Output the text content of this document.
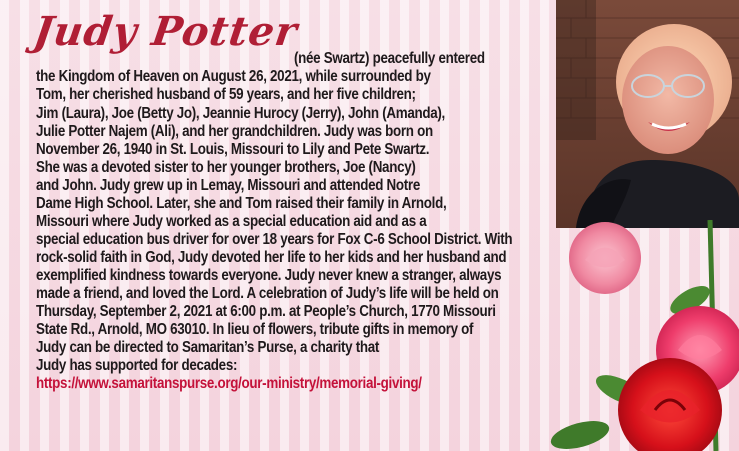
Judy Potter
(née Swartz) peacefully entered
the Kingdom of Heaven on August 26, 2021, while surrounded by
Tom, her cherished husband of 59 years, and her five children;
Jim (Laura), Joe (Betty Jo), Jeannie Hurocy (Jerry), John (Amanda),
Julie Potter Najem (Ali), and her grandchildren. Judy was born on
November 26, 1940 in St. Louis, Missouri to Lily and Pete Swartz.
She was a devoted sister to her younger brothers, Joe (Nancy)
and John. Judy grew up in Lemay, Missouri and attended Notre
Dame High School. Later, she and Tom raised their family in Arnold,
Missouri where Judy worked as a special education aid and as a
special education bus driver for over 18 years for Fox C-6 School District. With
rock-solid faith in God, Judy devoted her life to her kids and her husband and
exemplified kindness towards everyone. Judy never knew a stranger, always
made a friend, and loved the Lord. A celebration of Judy’s life will be held on
Thursday, September 2, 2021 at 6:00 p.m. at People’s Church, 1770 Missouri
State Rd., Arnold, MO 63010. In lieu of flowers, tribute gifts in memory of
Judy can be directed to Samaritan’s Purse, a charity that
Judy has supported for decades:
https://www.samaritanspurse.org/our-ministry/memorial-giving/
